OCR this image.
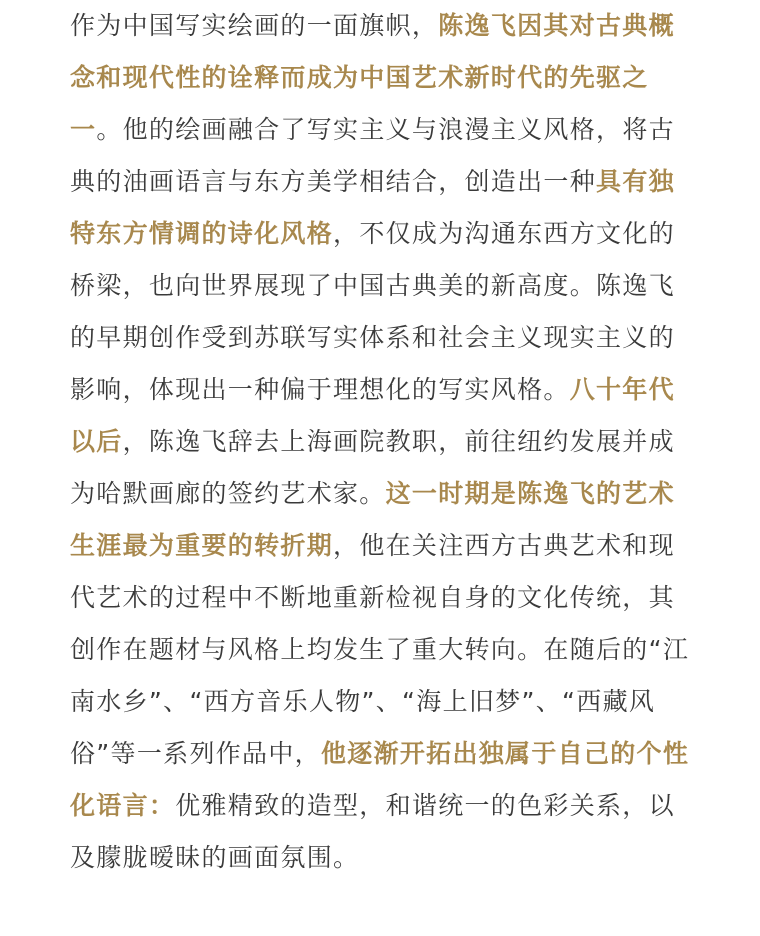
作为中国写实绘画的一面旗帜，陈逸飞因其对古典概念和现代性的诠释而成为中国艺术新时代的先驱之一。他的绘画融合了写实主义与浪漫主义风格，将古典的油画语言与东方美学相结合，创造出一种具有独特东方情调的诗化风格，不仅成为沟通东西方文化的桥梁，也向世界展现了中国古典美的新高度。陈逸飞的早期创作受到苏联写实体系和社会主义现实主义的影响，体现出一种偏于理想化的写实风格。八十年代以后，陈逸飞辞去上海画院教职，前往纽约发展并成为哈默画廊的签约艺术家。这一时期是陈逸飞的艺术生涯最为重要的转折期，他在关注西方古典艺术和现代艺术的过程中不断地重新检视自身的文化传统，其创作在题材与风格上均发生了重大转向。在随后的“江南水乡”、“西方音乐人物”、“海上旧梦”、“西藏风俗”等一系列作品中，他逐渐开拓出独属于自己的个性化语言：优雅精致的造型，和谐统一的色彩关系，以及朦胧暧昧的画面氛围。
